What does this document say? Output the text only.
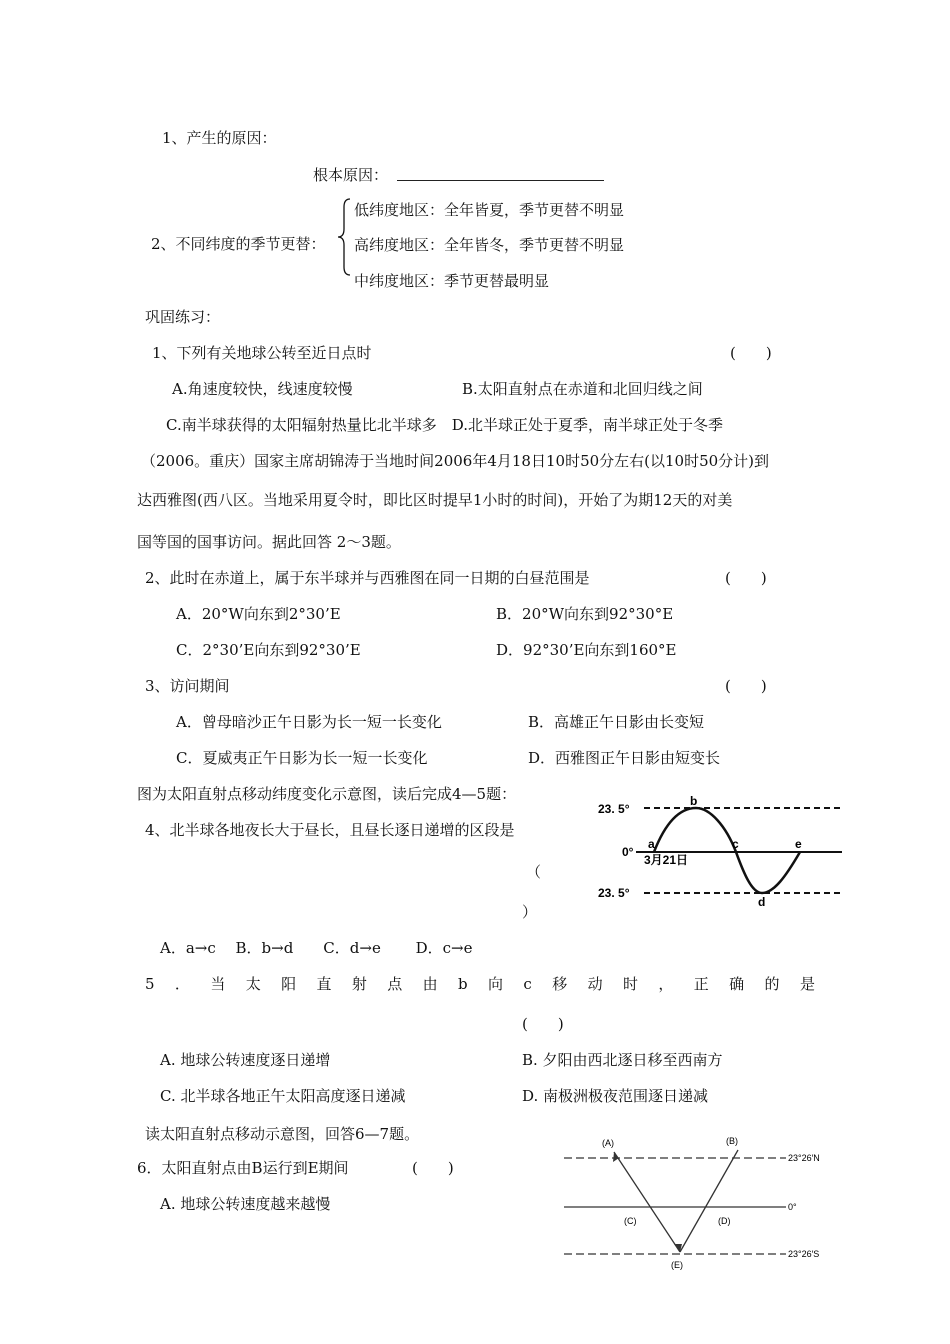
1、产生的原因：
根本原因：
2、不同纬度的季节更替：
低纬度地区：全年皆夏，季节更替不明显
高纬度地区：全年皆冬，季节更替不明显
中纬度地区：季节更替最明显
巩固练习：
1、下列有关地球公转至近日点时	(　　)
A.角速度较快，线速度较慢	B.太阳直射点在赤道和北回归线之间
C.南半球获得的太阳辐射热量比北半球多　D.北半球正处于夏季，南半球正处于冬季
（2006。重庆）国家主席胡锦涛于当地时间2006年4月18日10时50分左右(以10时50分计)到
达西雅图(西八区。当地采用夏令时，即比区时提早1小时的时间)，开始了为期12天的对美
国等国的国事访问。据此回答 2～3题。
2、此时在赤道上，属于东半球并与西雅图在同一日期的白昼范围是	(　　)
A．20°W向东到2°30’E	B．20°W向东到92°30°E
C．2°30’E向东到92°30’E	D．92°30’E向东到160°E
3、访问期间	(　　)
A．曾母暗沙正午日影为长一短一长变化	B．高雄正午日影由长变短
C．夏威夷正午日影为长一短一长变化	D．西雅图正午日影由短变长
图为太阳直射点移动纬度变化示意图，读后完成4—5题：
4、北半球各地夜长大于昼长，且昼长逐日递增的区段是
（
）
A．a→c　 B．b→d　　C．d→e　　 D．c→e
23. 5°
0°
23. 5°
3月21日
a
b
c
d
e
5 ． 当 太 阳 直 射 点 由 b 向 c 移 动 时 ， 正 确 的 是
(　　)
A. 地球公转速度逐日递增	B. 夕阳由西北逐日移至西南方
C. 北半球各地正午太阳高度逐日递减	D. 南极洲极夜范围逐日递减
读太阳直射点移动示意图，回答6—7题。
6．太阳直射点由B运行到E期间	(　　)
A. 地球公转速度越来越慢
(A)	(B)
(C)	(D)
(E)
23°26′N
0°
23°26′S
